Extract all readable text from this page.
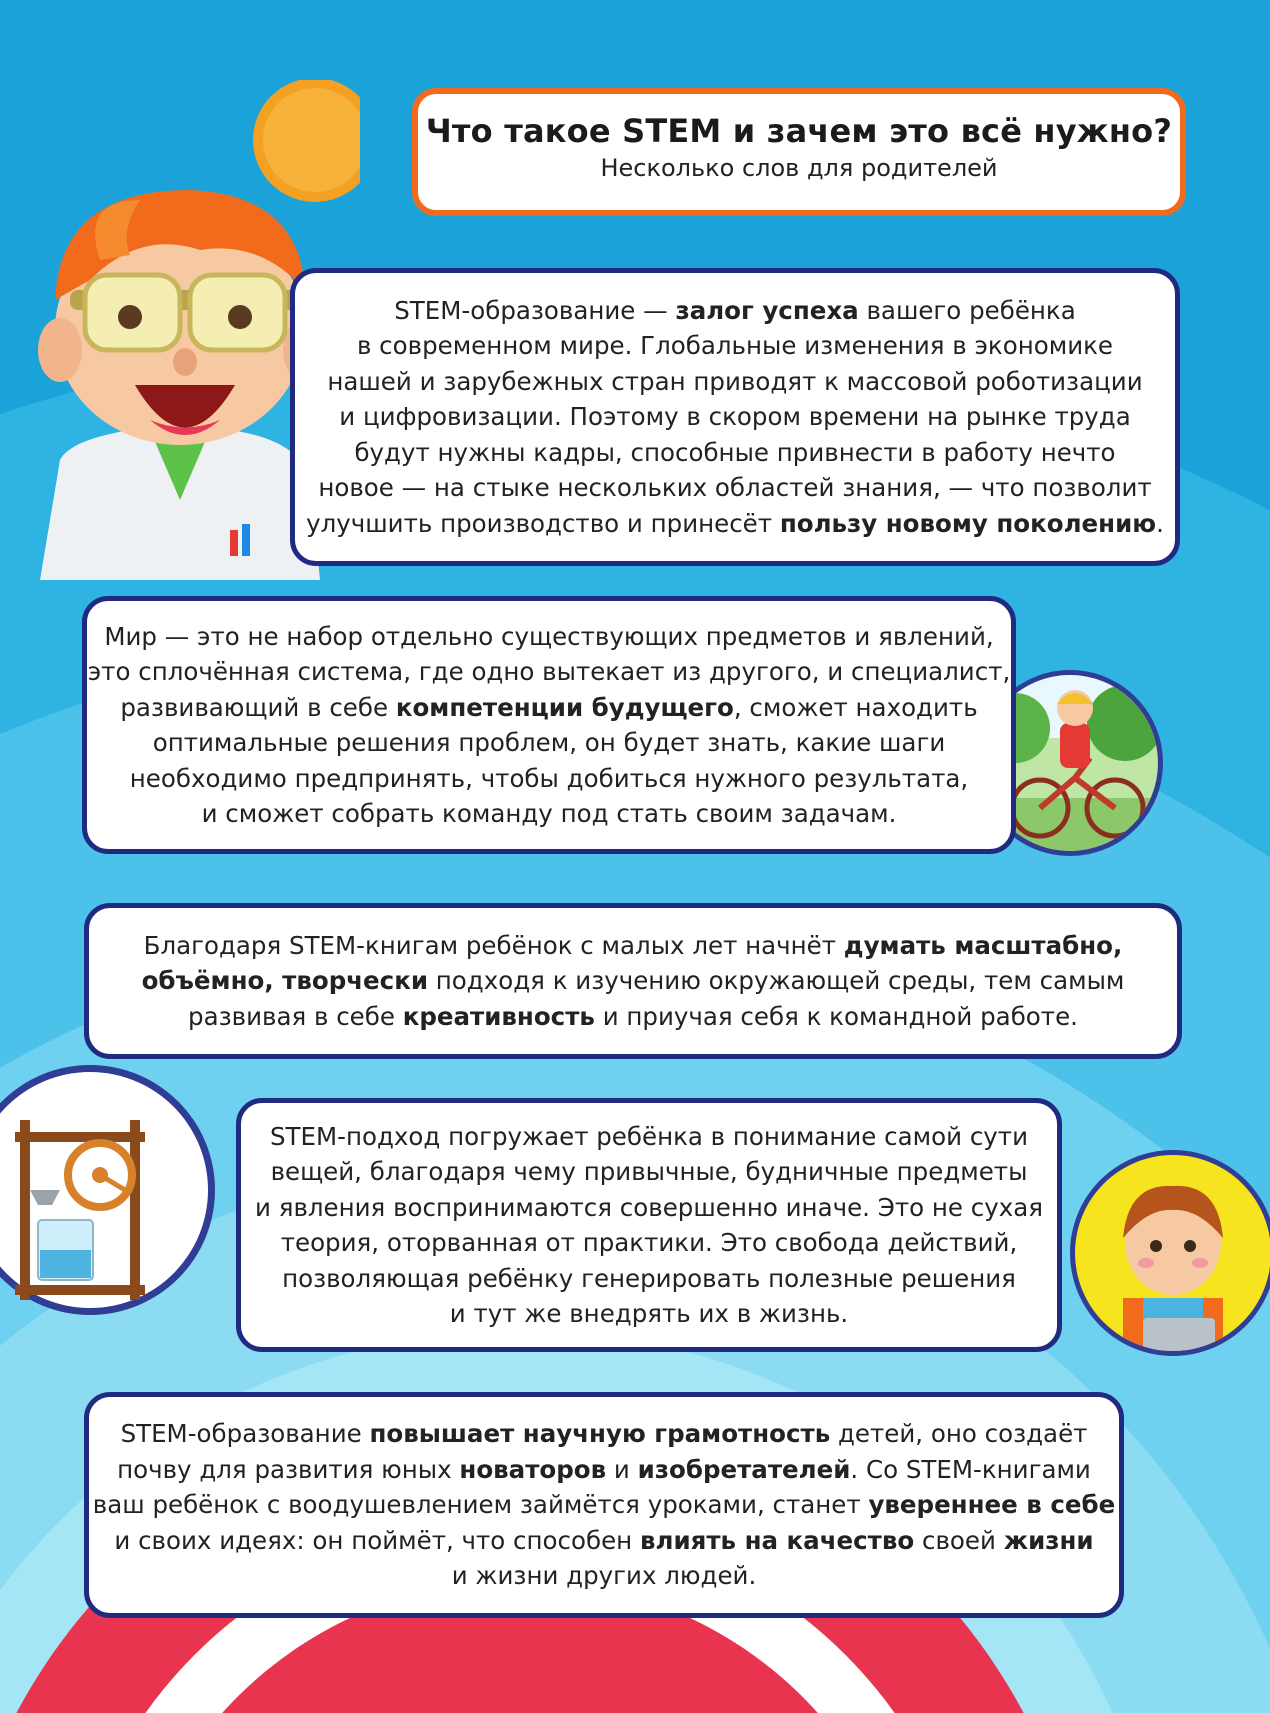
Что такое STEM и зачем это всё нужно?
Несколько слов для родителей

STEM-образование — залог успеха вашего ребёнка
в современном мире. Глобальные изменения в экономике
нашей и зарубежных стран приводят к массовой роботизации
и цифровизации. Поэтому в скором времени на рынке труда
будут нужны кадры, способные привнести в работу нечто
новое — на стыке нескольких областей знания, — что позволит
улучшить производство и принесёт пользу новому поколению.

Мир — это не набор отдельно существующих предметов и явлений,
это сплочённая система, где одно вытекает из другого, и специалист,
развивающий в себе компетенции будущего, сможет находить
оптимальные решения проблем, он будет знать, какие шаги
необходимо предпринять, чтобы добиться нужного результата,
и сможет собрать команду под стать своим задачам.

Благодаря STEM-книгам ребёнок с малых лет начнёт думать масштабно,
объёмно, творчески подходя к изучению окружающей среды, тем самым
развивая в себе креативность и приучая себя к командной работе.

STEM-подход погружает ребёнка в понимание самой сути
вещей, благодаря чему привычные, будничные предметы
и явления воспринимаются совершенно иначе. Это не сухая
теория, оторванная от практики. Это свобода действий,
позволяющая ребёнку генерировать полезные решения
и тут же внедрять их в жизнь.

STEM-образование повышает научную грамотность детей, оно создаёт
почву для развития юных новаторов и изобретателей. Со STEM-книгами
ваш ребёнок с воодушевлением займётся уроками, станет увереннее в себе
и своих идеях: он поймёт, что способен влиять на качество своей жизни
и жизни других людей.
